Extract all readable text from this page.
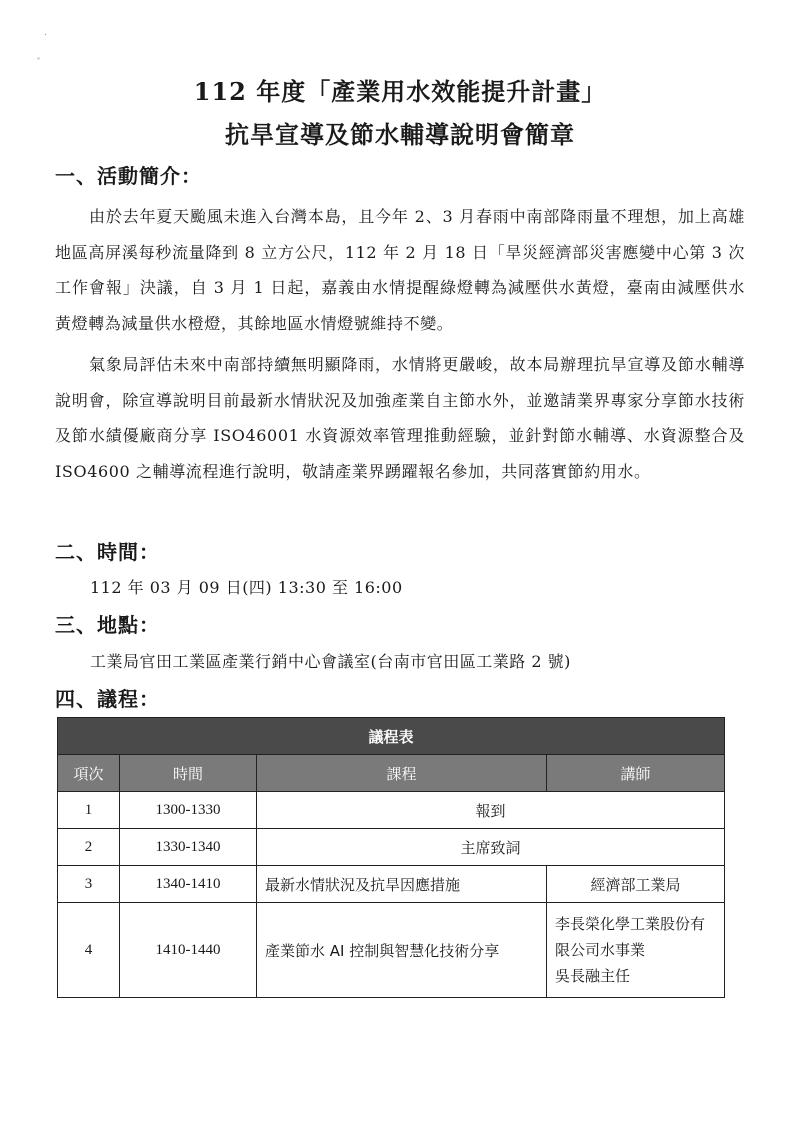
·
ˇ
112 年度「產業用水效能提升計畫」
抗旱宣導及節水輔導說明會簡章
一、活動簡介：

由於去年夏天颱風未進入台灣本島，且今年 2、3 月春雨中南部降雨量不理想，加上高雄地區高屏溪每秒流量降到 8 立方公尺，112 年 2 月 18 日「旱災經濟部災害應變中心第 3 次工作會報」決議，自 3 月 1 日起，嘉義由水情提醒綠燈轉為減壓供水黃燈，臺南由減壓供水黃燈轉為減量供水橙燈，其餘地區水情燈號維持不變。

氣象局評估未來中南部持續無明顯降雨，水情將更嚴峻，故本局辦理抗旱宣導及節水輔導說明會，除宣導說明目前最新水情狀況及加強產業自主節水外，並邀請業界專家分享節水技術及節水績優廠商分享 ISO46001 水資源效率管理推動經驗，並針對節水輔導、水資源整合及 ISO4600 之輔導流程進行說明，敬請產業界踴躍報名參加，共同落實節約用水。

二、時間：
112 年 03 月 09 日(四) 13:30 至 16:00
三、地點：
工業局官田工業區產業行銷中心會議室(台南市官田區工業路 2 號)
四、議程：
議程表			
項次	時間	課程	講師
1	1300-1330	報到	
2	1330-1340	主席致詞	
3	1340-1410	最新水情狀況及抗旱因應措施	經濟部工業局
4	1410-1440	產業節水 AI 控制與智慧化技術分享	李長榮化學工業股份有
限公司水事業
吳長融主任
